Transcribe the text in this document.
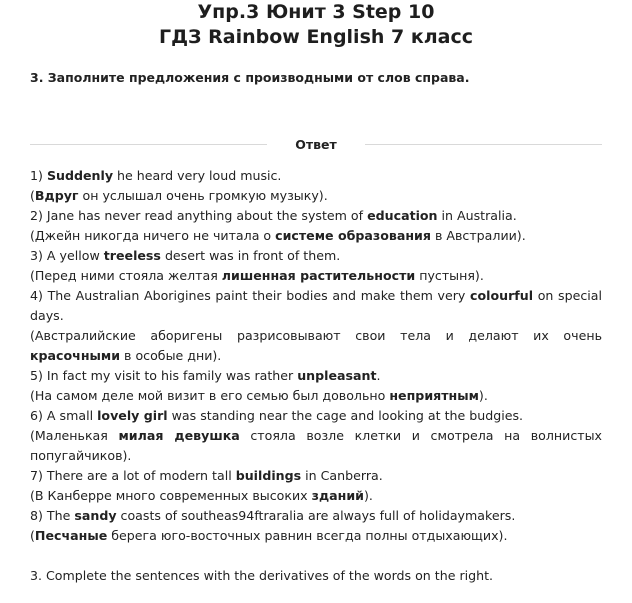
Упр.3 Юнит 3 Step 10
ГДЗ Rainbow English 7 класс
3. Заполните предложения с производными от слов справа.
Ответ

1) Suddenly he heard very loud music.

(Вдруг он услышал очень громкую музыку).

2) Jane has never read anything about the system of education in Australia.

(Джейн никогда ничего не читала о системе образования в Австралии).

3) A yellow treeless desert was in front of them.

(Перед ними стояла желтая лишенная растительности пустыня).

4) The Australian Aborigines paint their bodies and make them very colourful on special days.

(Австралийские аборигены разрисовывают свои тела и делают их очень красочными в особые дни).

5) In fact my visit to his family was rather unpleasant.

(На самом деле мой визит в его семью был довольно неприятным).

6) A small lovely girl was standing near the cage and looking at the budgies.

(Маленькая милая девушка стояла возле клетки и смотрела на волнистых попугайчиков).

7) There are a lot of modern tall buildings in Canberra.

(В Канберре много современных высоких зданий).

8) The sandy coasts of southeas94ftraralia are always full of holidaymakers.

(Песчаные берега юго-восточных равнин всегда полны отдыхающих).

3. Complete the sentences with the derivatives of the words on the right.
